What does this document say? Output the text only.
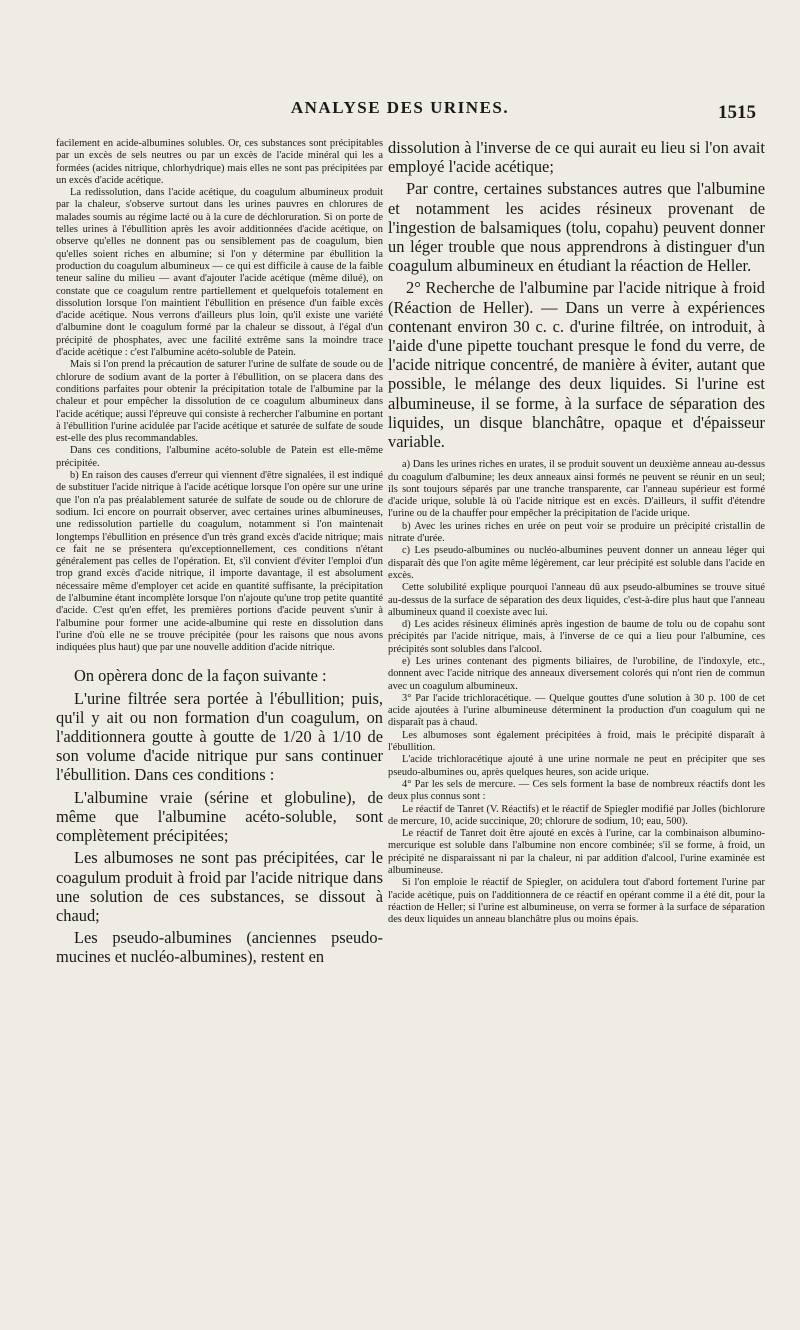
ANALYSE DES URINES.	1515

facilement en acide-albumines solubles. Or, ces substances sont précipitables par un excès de sels neutres ou par un excès de l'acide minéral qui les a formées (acides nitrique, chlorhydrique) mais elles ne sont pas précipitées par un excès d'acide acétique.

La redissolution, dans l'acide acétique, du coagulum albumineux produit par la chaleur, s'observe surtout dans les urines pauvres en chlorures de malades soumis au régime lacté ou à la cure de déchloruration. Si on porte de telles urines à l'ébullition après les avoir additionnées d'acide acétique, on observe qu'elles ne donnent pas ou sensiblement pas de coagulum, bien qu'elles soient riches en albumine; si l'on y détermine par ébullition la production du coagulum albumineux — ce qui est difficile à cause de la faible teneur saline du milieu — avant d'ajouter l'acide acétique (même dilué), on constate que ce coagulum rentre partiellement et quelquefois totalement en dissolution lorsque l'on maintient l'ébullition en présence d'un faible excès d'acide acétique. Nous verrons d'ailleurs plus loin, qu'il existe une variété d'albumine dont le coagulum formé par la chaleur se dissout, à l'égal d'un précipité de phosphates, avec une facilité extrême sans la moindre trace d'acide acétique : c'est l'albumine acéto-soluble de Patein.

Mais si l'on prend la précaution de saturer l'urine de sulfate de soude ou de chlorure de sodium avant de la porter à l'ébullition, on se placera dans des conditions parfaites pour obtenir la précipitation totale de l'albumine par la chaleur et pour empêcher la dissolution de ce coagulum albumineux dans l'acide acétique; aussi l'épreuve qui consiste à rechercher l'albumine en portant à l'ébullition l'urine acidulée par l'acide acétique et saturée de sulfate de soude est-elle des plus recommandables.

Dans ces conditions, l'albumine acéto-soluble de Patein est elle-même précipitée.

b) En raison des causes d'erreur qui viennent d'être signalées, il est indiqué de substituer l'acide nitrique à l'acide acétique lorsque l'on opère sur une urine que l'on n'a pas préalablement saturée de sulfate de soude ou de chlorure de sodium. Ici encore on pourrait observer, avec certaines urines albumineuses, une redissolution partielle du coagulum, notamment si l'on maintenait longtemps l'ébullition en présence d'un très grand excès d'acide nitrique; mais ce fait ne se présentera qu'exceptionnellement, ces conditions n'étant généralement pas celles de l'opération. Et, s'il convient d'éviter l'emploi d'un trop grand excès d'acide nitrique, il importe davantage, il est absolument nécessaire même d'employer cet acide en quantité suffisante, la précipitation de l'albumine étant incomplète lorsque l'on n'ajoute qu'une trop petite quantité d'acide. C'est qu'en effet, les premières portions d'acide peuvent s'unir à l'albumine pour former une acide-albumine qui reste en dissolution dans l'urine d'où elle ne se trouve précipitée (pour les raisons que nous avons indiquées plus haut) que par une nouvelle addition d'acide nitrique.

On opèrera donc de la façon suivante :

L'urine filtrée sera portée à l'ébullition; puis, qu'il y ait ou non formation d'un coagulum, on l'additionnera goutte à goutte de 1/20 à 1/10 de son volume d'acide nitrique pur sans continuer l'ébullition. Dans ces conditions :

L'albumine vraie (sérine et globuline), de même que l'albumine acéto-soluble, sont complètement précipitées;

Les albumoses ne sont pas précipitées, car le coagulum produit à froid par l'acide nitrique dans une solution de ces substances, se dissout à chaud;

Les pseudo-albumines (anciennes pseudo-mucines et nucléo-albumines), restent en

dissolution à l'inverse de ce qui aurait eu lieu si l'on avait employé l'acide acétique;

Par contre, certaines substances autres que l'albumine et notamment les acides résineux provenant de l'ingestion de balsamiques (tolu, copahu) peuvent donner un léger trouble que nous apprendrons à distinguer d'un coagulum albumineux en étudiant la réaction de Heller.

2° Recherche de l'albumine par l'acide nitrique à froid (Réaction de Heller). — Dans un verre à expériences contenant environ 30 c. c. d'urine filtrée, on introduit, à l'aide d'une pipette touchant presque le fond du verre, de l'acide nitrique concentré, de manière à éviter, autant que possible, le mélange des deux liquides. Si l'urine est albumineuse, il se forme, à la surface de séparation des liquides, un disque blanchâtre, opaque et d'épaisseur variable.

a) Dans les urines riches en urates, il se produit souvent un deuxième anneau au-dessus du coagulum d'albumine; les deux anneaux ainsi formés ne peuvent se réunir en un seul; ils sont toujours séparés par une tranche transparente, car l'anneau supérieur est formé d'acide urique, soluble là où l'acide nitrique est en excès. D'ailleurs, il suffit d'étendre l'urine ou de la chauffer pour empêcher la précipitation de l'acide urique.

b) Avec les urines riches en urée on peut voir se produire un précipité cristallin de nitrate d'urée.

c) Les pseudo-albumines ou nucléo-albumines peuvent donner un anneau léger qui disparaît dès que l'on agite même légèrement, car leur précipité est soluble dans l'acide en excès.

Cette solubilité explique pourquoi l'anneau dû aux pseudo-albumines se trouve situé au-dessus de la surface de séparation des deux liquides, c'est-à-dire plus haut que l'anneau albumineux quand il coexiste avec lui.

d) Les acides résineux éliminés après ingestion de baume de tolu ou de copahu sont précipités par l'acide nitrique, mais, à l'inverse de ce qui a lieu pour l'albumine, ces précipités sont solubles dans l'alcool.

e) Les urines contenant des pigments biliaires, de l'urobiline, de l'indoxyle, etc., donnent avec l'acide nitrique des anneaux diversement colorés qui n'ont rien de commun avec un coagulum albumineux.

3° Par l'acide trichloracétique. — Quelque gouttes d'une solution à 30 p. 100 de cet acide ajoutées à l'urine albumineuse déterminent la production d'un coagulum qui ne disparaît pas à chaud.

Les albumoses sont également précipitées à froid, mais le précipité disparaît à l'ébullition.

L'acide trichloracétique ajouté à une urine normale ne peut en précipiter que ses pseudo-albumines ou, après quelques heures, son acide urique.

4° Par les sels de mercure. — Ces sels forment la base de nombreux réactifs dont les deux plus connus sont :

Le réactif de Tanret (V. Réactifs) et le réactif de Spiegler modifié par Jolles (bichlorure de mercure, 10, acide succinique, 20; chlorure de sodium, 10; eau, 500).

Le réactif de Tanret doit être ajouté en excès à l'urine, car la combinaison albumino-mercurique est soluble dans l'albumine non encore combinée; s'il se forme, à froid, un précipité ne disparaissant ni par la chaleur, ni par addition d'alcool, l'urine examinée est albumineuse.

Si l'on emploie le réactif de Spiegler, on acidulera tout d'abord fortement l'urine par l'acide acétique, puis on l'additionnera de ce réactif en opérant comme il a été dit, pour la réaction de Heller; si l'urine est albumineuse, on verra se former à la surface de séparation des deux liquides un anneau blanchâtre plus ou moins épais.
